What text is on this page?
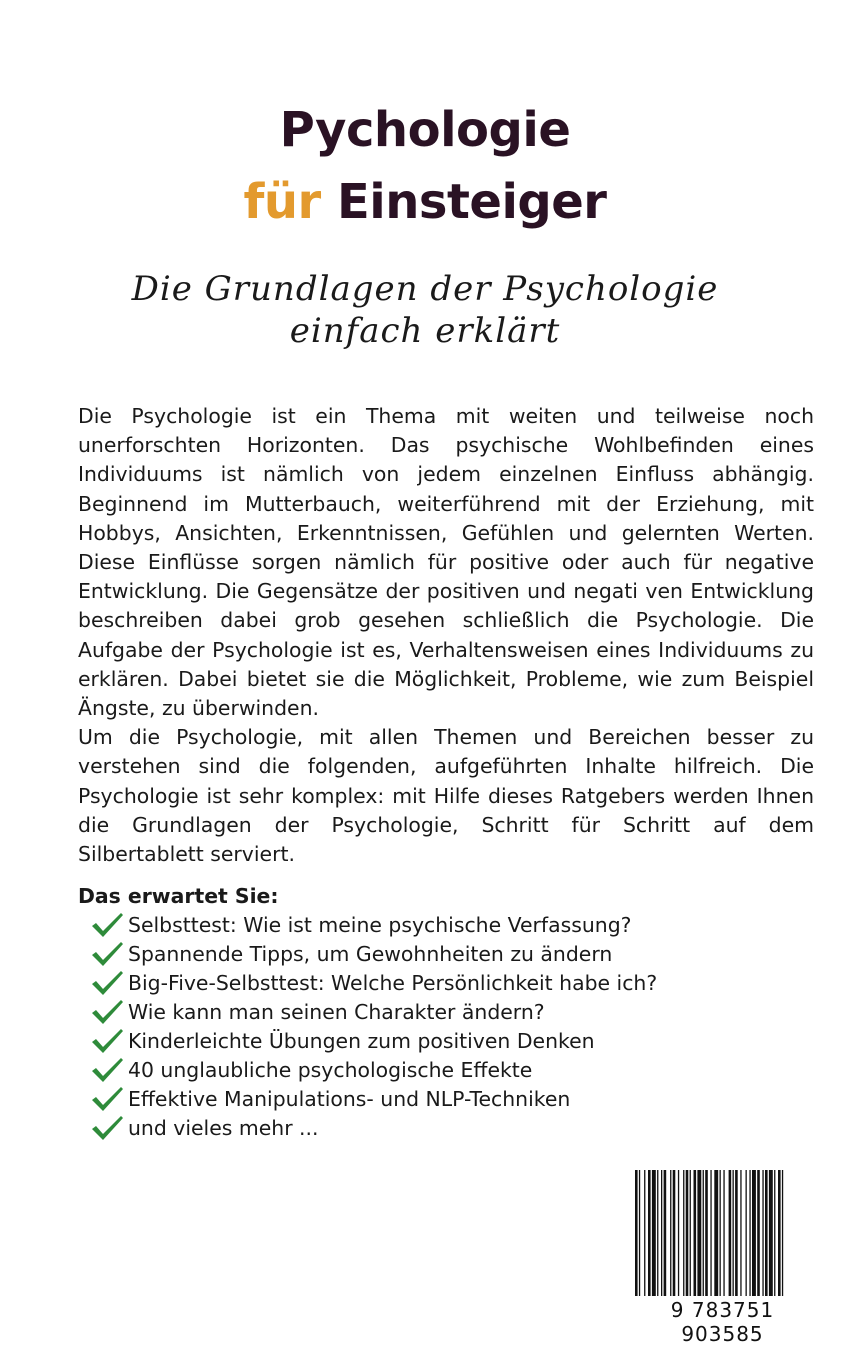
Pychologie
für Einsteiger
Die Grundlagen der Psychologie
einfach erklärt

Die Psychologie ist ein Thema mit weiten und teilweise noch unerforschten Horizonten. Das psychische Wohlbefinden eines Individuums ist nämlich von jedem einzelnen Einfluss abhängig. Beginnend im Mutterbauch, weiterführend mit der Erziehung, mit Hobbys, Ansichten, Erkenntnissen, Gefühlen und gelernten Werten. Diese Einflüsse sorgen nämlich für positive oder auch für negative Entwicklung. Die Gegensätze der positiven und negati ven Entwicklung beschreiben dabei grob gesehen schließlich die Psychologie. Die Aufgabe der Psychologie ist es, Verhaltensweisen eines Individuums zu erklären. Dabei bietet sie die Möglichkeit, Probleme, wie zum Beispiel Ängste, zu überwinden.

Um die Psychologie, mit allen Themen und Bereichen besser zu verstehen sind die folgenden, aufgeführten Inhalte hilfreich. Die Psychologie ist sehr komplex: mit Hilfe dieses Ratgebers werden Ihnen die Grundlagen der Psychologie, Schritt für Schritt auf dem Silbertablett serviert.

Das erwartet Sie:
Selbsttest: Wie ist meine psychische Verfassung?
Spannende Tipps, um Gewohnheiten zu ändern
Big-Five-Selbsttest: Welche Persönlichkeit habe ich?
Wie kann man seinen Charakter ändern?
Kinderleichte Übungen zum positiven Denken
40 unglaubliche psychologische Effekte
Effektive Manipulations- und NLP-Techniken
und vieles mehr ...
9 783751 903585
